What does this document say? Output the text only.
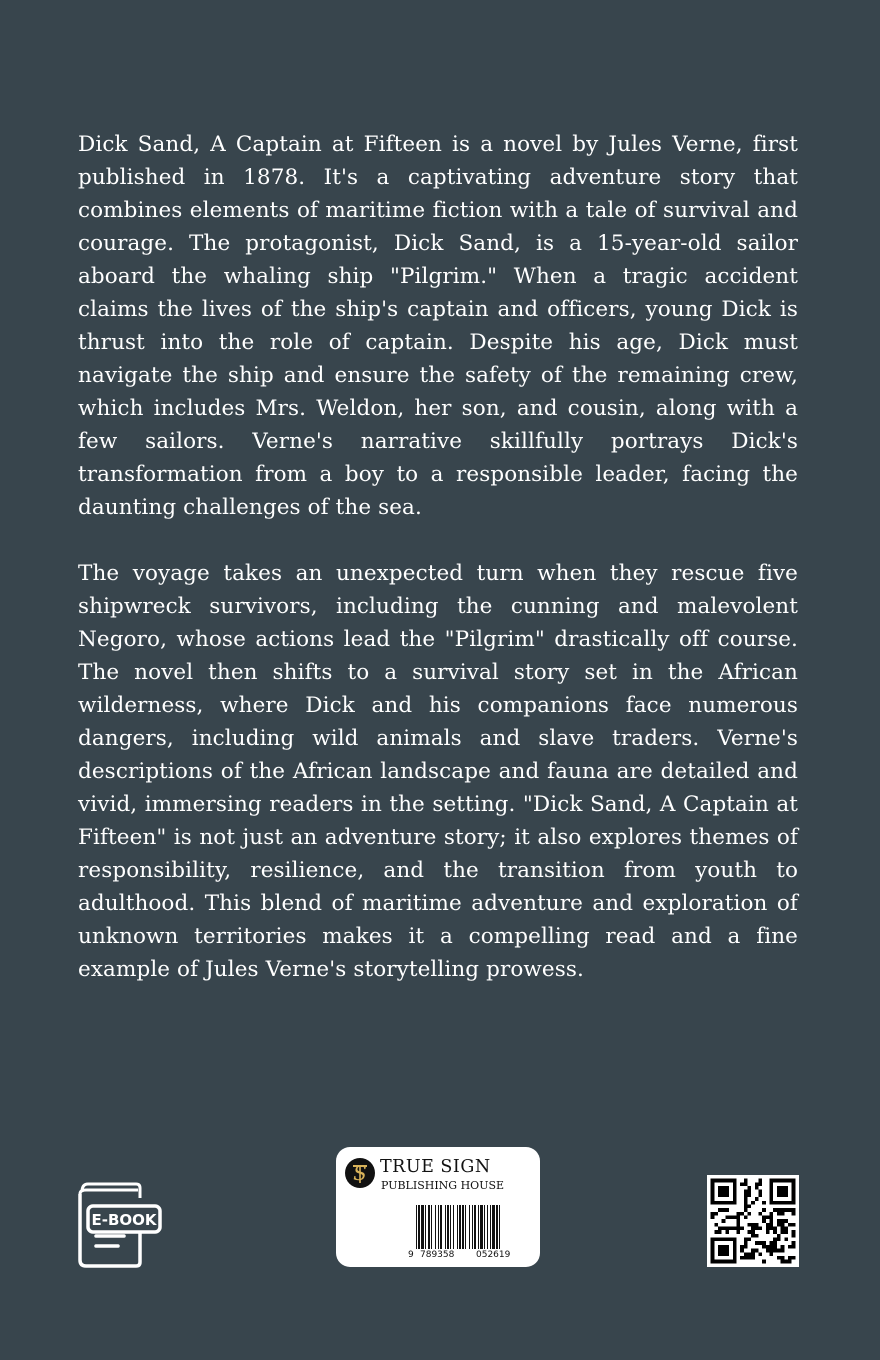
Dick Sand, A Captain at Fifteen is a novel by Jules Verne, first published in 1878. It's a captivating adventure story that combines elements of maritime fiction with a tale of survival and courage. The protagonist, Dick Sand, is a 15-year-old sailor aboard the whaling ship "Pilgrim." When a tragic accident claims the lives of the ship's captain and officers, young Dick is thrust into the role of captain. Despite his age, Dick must navigate the ship and ensure the safety of the remaining crew, which includes Mrs. Weldon, her son, and cousin, along with a few sailors. Verne's narrative skillfully portrays Dick's transformation from a boy to a responsible leader, facing the daunting challenges of the sea.

The voyage takes an unexpected turn when they rescue five shipwreck survivors, including the cunning and malevolent Negoro, whose actions lead the "Pilgrim" drastically off course. The novel then shifts to a survival story set in the African wilderness, where Dick and his companions face numerous dangers, including wild animals and slave traders. Verne's descriptions of the African landscape and fauna are detailed and vivid, immersing readers in the setting. "Dick Sand, A Captain at Fifteen" is not just an adventure story; it also explores themes of responsibility, resilience, and the transition from youth to adulthood. This blend of maritime adventure and exploration of unknown territories makes it a compelling read and a fine example of Jules Verne's storytelling prowess.

E-BOOK
S TRUE SIGN
PUBLISHING HOUSE
9 789358 052619
